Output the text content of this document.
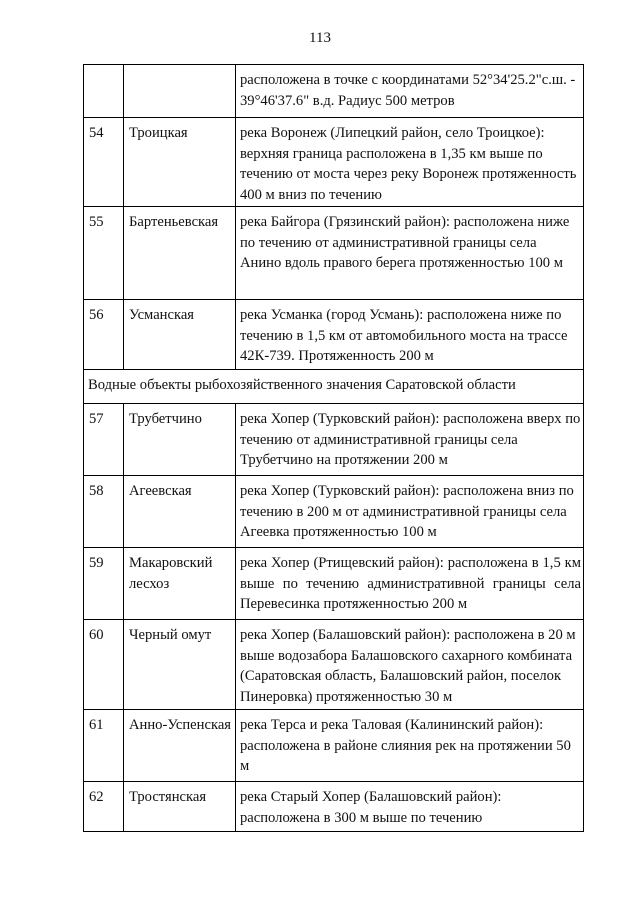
113
		расположена в точке с координатами 52°34'25.2"с.ш. - 39°46'37.6" в.д. Радиус 500 метров
54	Троицкая	река Воронеж (Липецкий район, село Троицкое): верхняя граница расположена в 1,35 км выше по течению от моста через реку Воронеж протяженность 400 м вниз по течению
55	Бартеньевская	река Байгора (Грязинский район): расположена ниже по течению от административной границы села Анино вдоль правого берега протяженностью 100 м
56	Усманская	река Усманка (город Усмань): расположена ниже по течению в 1,5 км от автомобильного моста на трассе 42К-739. Протяженность 200 м
Водные объекты рыбохозяйственного значения Саратовской области		
57	Трубетчино	река Хопер (Турковский район): расположена вверх по течению от административной границы села Трубетчино на протяжении 200 м
58	Агеевская	река Хопер (Турковский район): расположена вниз по течению в 200 м от административной границы села Агеевка протяженностью 100 м
59	Макаровский лесхоз	река Хопер (Ртищевский район): расположена в 1,5 км выше по течению административной границы села Перевесинка протяженностью 200 м
60	Черный омут	река Хопер (Балашовский район): расположена в 20 м выше водозабора Балашовского сахарного комбината (Саратовская область, Балашовский район, поселок Пинеровка) протяженностью 30 м
61	Анно-Успенская	река Терса и река Таловая (Калининский район): расположена в районе слияния рек на протяжении 50 м
62	Тростянская	река Старый Хопер (Балашовский район): расположена в 300 м выше по течению
